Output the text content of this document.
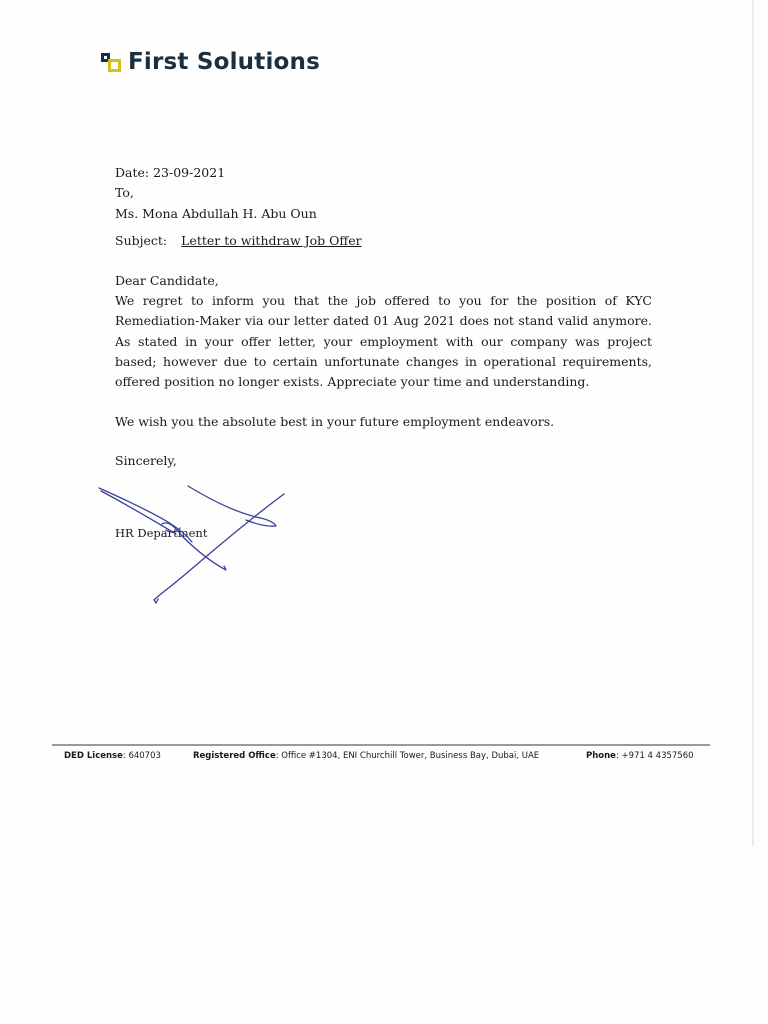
First Solutions
Date: 23-09-2021
To,
Ms. Mona Abdullah H. Abu Oun
Subject: Letter to withdraw Job Offer
Dear Candidate,
We regret to inform you that the job offered to you for the position of KYC Remediation-Maker via our letter dated 01 Aug 2021 does not stand valid anymore. As stated in your offer letter, your employment with our company was project based; however due to certain unfortunate changes in operational requirements, offered position no longer exists. Appreciate your time and understanding.
We wish you the absolute best in your future employment endeavors.
Sincerely,
HR Department
DED License: 640703	Registered Office: Office #1304, ENI Churchill Tower, Business Bay, Dubai, UAE	Phone: +971 4 4357560
